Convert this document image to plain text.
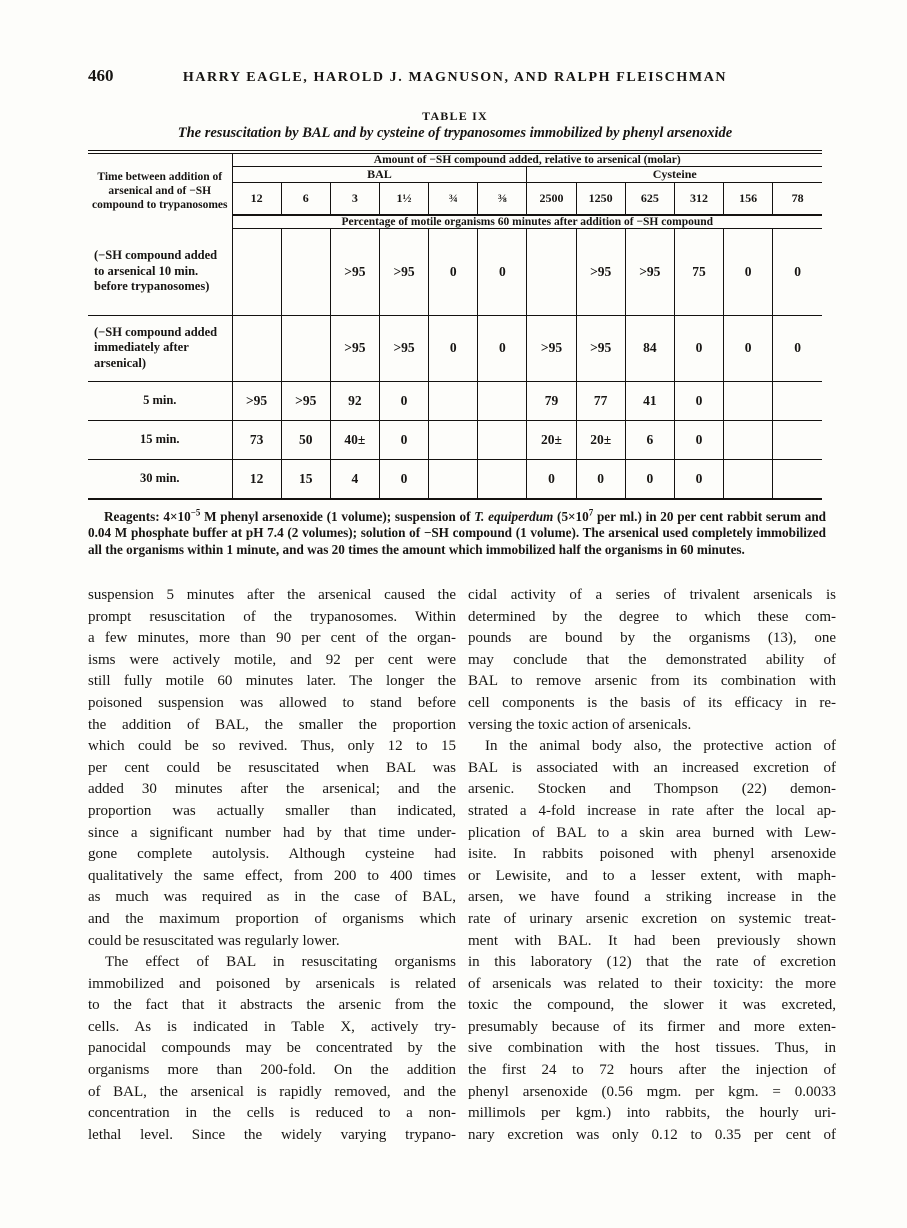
460	HARRY EAGLE, HAROLD J. MAGNUSON, AND RALPH FLEISCHMAN
TABLE IX
The resuscitation by BAL and by cysteine of trypanosomes immobilized by phenyl arsenoxide
Time between addition of arsenical and of −SH compound to trypanosomes	Amount of −SH compound added, relative to arsenical (molar)											
	BAL						Cysteine					
	12	6	3	1½	¾	⅜	2500	1250	625	312	156	78
	Percentage of motile organisms 60 minutes after addition of −SH compound											
(−SH compound added to arsenical 10 min. before trypanosomes)			>95	>95	0	0		>95	>95	75	0	0
(−SH compound added immediately after arsenical)			>95	>95	0	0	>95	>95	84	0	0	0
5 min.	>95	>95	92	0			79	77	41	0		
15 min.	73	50	40±	0			20±	20±	6	0		
30 min.	12	15	4	0			0	0	0	0		
Reagents: $4\times 10^{-5}$ M phenyl arsenoxide (1 volume); suspension of T. equiperdum ($5\times 10^7$ per ml.) in 20 per cent rabbit serum and 0.04 M phosphate buffer at pH 7.4 (2 volumes); solution of −SH compound (1 volume). The arsenical used completely immobilized all the organisms within 1 minute, and was 20 times the amount which immobilized half the organisms in 60 minutes.
suspension 5 minutes after the arsenical caused the
prompt resuscitation of the trypanosomes. Within
a few minutes, more than 90 per cent of the organ-
isms were actively motile, and 92 per cent were
still fully motile 60 minutes later. The longer the
poisoned suspension was allowed to stand before
the addition of BAL, the smaller the proportion
which could be so revived. Thus, only 12 to 15
per cent could be resuscitated when BAL was
added 30 minutes after the arsenical; and the
proportion was actually smaller than indicated,
since a significant number had by that time under-
gone complete autolysis. Although cysteine had
qualitatively the same effect, from 200 to 400 times
as much was required as in the case of BAL,
and the maximum proportion of organisms which
could be resuscitated was regularly lower.
The effect of BAL in resuscitating organisms
immobilized and poisoned by arsenicals is related
to the fact that it abstracts the arsenic from the
cells. As is indicated in Table X, actively try-
panocidal compounds may be concentrated by the
organisms more than 200-fold. On the addition
of BAL, the arsenical is rapidly removed, and the
concentration in the cells is reduced to a non-
lethal level. Since the widely varying trypano-
cidal activity of a series of trivalent arsenicals is
determined by the degree to which these com-
pounds are bound by the organisms (13), one
may conclude that the demonstrated ability of
BAL to remove arsenic from its combination with
cell components is the basis of its efficacy in re-
versing the toxic action of arsenicals.
In the animal body also, the protective action of
BAL is associated with an increased excretion of
arsenic. Stocken and Thompson (22) demon-
strated a 4-fold increase in rate after the local ap-
plication of BAL to a skin area burned with Lew-
isite. In rabbits poisoned with phenyl arsenoxide
or Lewisite, and to a lesser extent, with maph-
arsen, we have found a striking increase in the
rate of urinary arsenic excretion on systemic treat-
ment with BAL. It had been previously shown
in this laboratory (12) that the rate of excretion
of arsenicals was related to their toxicity: the more
toxic the compound, the slower it was excreted,
presumably because of its firmer and more exten-
sive combination with the host tissues. Thus, in
the first 24 to 72 hours after the injection of
phenyl arsenoxide (0.56 mgm. per kgm. = 0.0033
millimols per kgm.) into rabbits, the hourly uri-
nary excretion was only 0.12 to 0.35 per cent of
